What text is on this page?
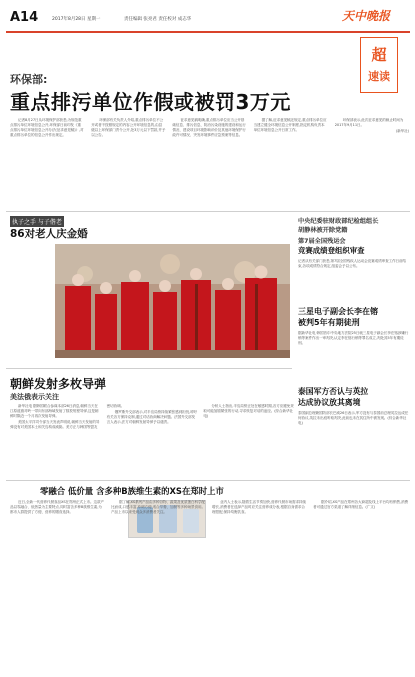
A14	2017年8月28日 星期一	责任编辑 张亮君 责任校对 成志华	天中晚报
超
速读
环保部:
重点排污单位作假或被罚3万元

记者8月27日从环境保护部获悉,为规范重点排污单位环境信息公开,环保部日前印发《重点排污单位环境信息公开办法(征求意见稿)》,对重点排污单位的信息公开作出规定。

环保部有关负责人介绍,重点排污单位不公开或者不按照规定的内容公开环境信息的,由县级以上环保部门责令公开,处3万元以下罚款,并予以公告。

征求意见稿明确,重点排污单位应当公开基础信息、排污信息、防治污染设施的建设和运行情况、建设项目环境影响评价及其他环境保护行政许可情况、突发环境事件应急预案等信息。

据了解,征求意见稿还规定,重点排污单位应当建立健全环境信息公开制度,指定机构负责本单位环境信息公开日常工作。

环保部表示,此次征求意见的截止时间为2017年9月11日。

(新华社)

执子之手 与子偕老
86对老人庆金婚

中央纪委驻财政部纪检组组长
胡静林被开除党籍
第7届全国残运会
竞赛成绩登组织审查
记者从有关部门获悉,第7届全国残疾人运动会竞赛成绩审查工作日前结束,各项成绩符合规定,组委会予以公布。
三星电子副会长李在镕
被判5年有期徒刑
据新华社电 韩国首尔中央地方法院25日就三星电子副会长李在镕涉嫌行贿等案件作出一审判决,认定李在镕行贿等罪名成立,判处其5年有期徒刑。
泰国军方否认与英拉
达成协议放其离境
泰国副总理兼国防部长巴威26日表示,军方没有与泰国前总理英拉达成任何协议,英拉未出庭听取判决,此前也未在其住所中被发现。(综合新华社电)
朝鲜发射多枚导弹
美法俄表示关注

新华社电 据韩国联合参谋本部26日消息,朝鲜当天在江原道旗对岭一带向东部海域发射了数枚短程导弹,这是朝鲜时隔近一个月再次发射导弹。

美国太平洋司令部当天发表声明说,朝鲜当天发射的导弹没有对美国本土和关岛构成威胁。美方正与韩国等盟友密切协调。

俄罗斯外交部表示,对半岛局势持续紧张感到担忧,呼吁有关各方保持克制,通过对话协商解决问题。法国外交部发言人表示,法方对朝鲜发射导弹予以谴责。

分析人士指出,半岛局势正处在敏感时期,各方应避免采取可能加剧紧张的行动,寻求恢复对话的途径。(综合新华社电)

零融合 低价量 含多种B族维生素的XS在郑时上市

近日,全新一代营养代餐食品XS在郑州正式上市。这款产品以零融合、低热量为主要特点,同时富含多种B族维生素,为都市人群提供了方便、营养的膳食选择。

据了解,XS系列产品由多种谷物、蔬果及优质蛋白科学配比而成,口感丰富,冲调方便,适合早餐、加餐等多种场景食用。产品上市以来受到众多消费者关注。

业内人士表示,随着生活节奏加快,营养代餐市场需求持续增长,消费者在选择产品时应关注营养成分表,根据自身需求合理搭配,保持均衡饮食。

据介绍,XS产品在郑州各大商超及线上平台均有销售,消费者可通过官方渠道了解详细信息。(广文)
